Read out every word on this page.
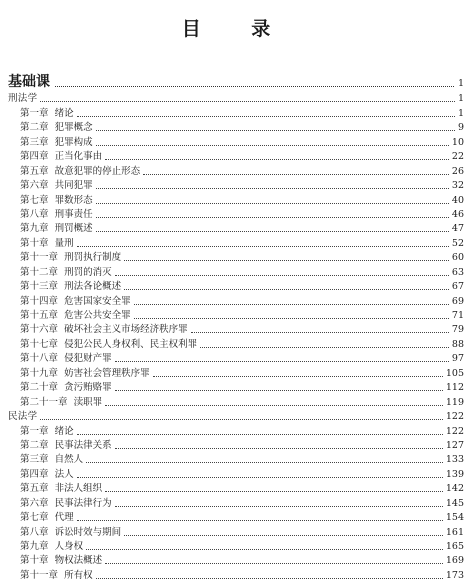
目 录
基础课	1
刑法学	1
第一章 绪论	1
第二章 犯罪概念	9
第三章 犯罪构成	10
第四章 正当化事由	22
第五章 故意犯罪的停止形态	26
第六章 共同犯罪	32
第七章 罪数形态	40
第八章 刑事责任	46
第九章 刑罚概述	47
第十章 量刑	52
第十一章 刑罚执行制度	60
第十二章 刑罚的消灭	63
第十三章 刑法各论概述	67
第十四章 危害国家安全罪	69
第十五章 危害公共安全罪	71
第十六章 破坏社会主义市场经济秩序罪	79
第十七章 侵犯公民人身权利、民主权利罪	88
第十八章 侵犯财产罪	97
第十九章 妨害社会管理秩序罪	105
第二十章 贪污贿赂罪	112
第二十一章 渎职罪	119
民法学	122
第一章 绪论	122
第二章 民事法律关系	127
第三章 自然人	133
第四章 法人	139
第五章 非法人组织	142
第六章 民事法律行为	145
第七章 代理	154
第八章 诉讼时效与期间	161
第九章 人身权	165
第十章 物权法概述	169
第十一章 所有权	173
